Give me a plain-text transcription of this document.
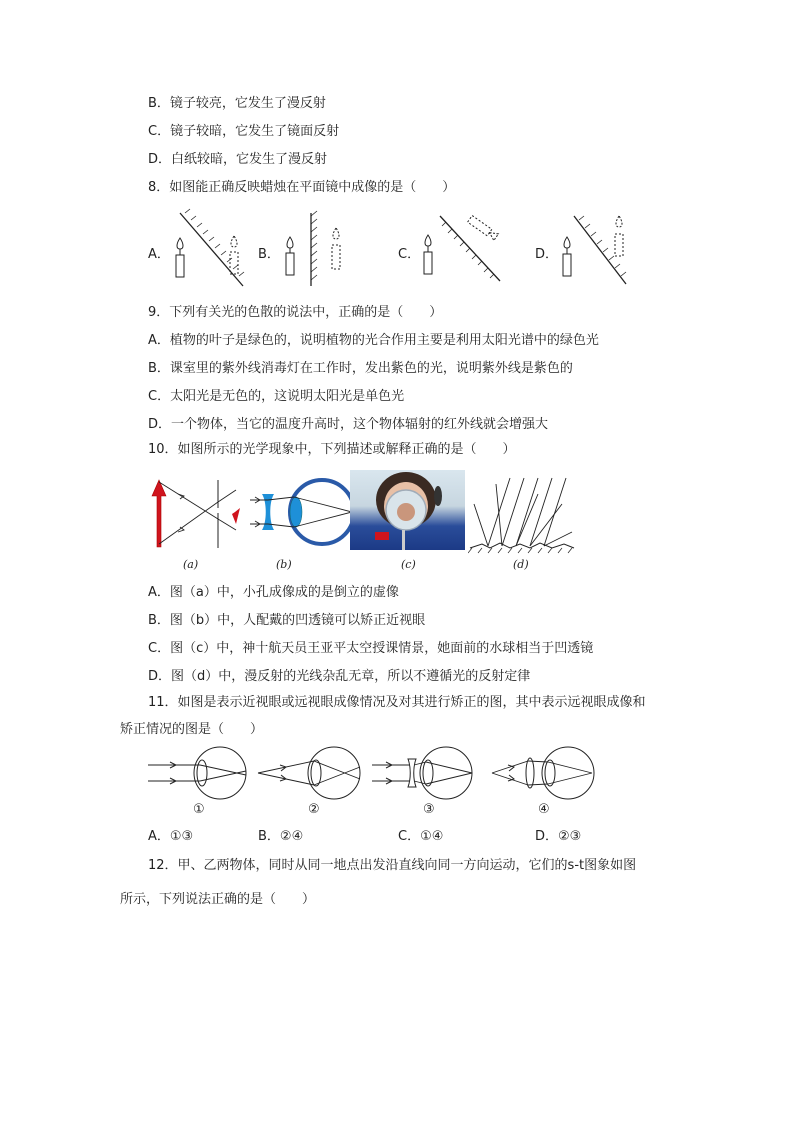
B．镜子较亮，它发生了漫反射
C．镜子较暗，它发生了镜面反射
D．白纸较暗，它发生了漫反射
8．如图能正确反映蜡烛在平面镜中成像的是（　　）
A．	B．	C．	D．
9．下列有关光的色散的说法中，正确的是（　　）
A．植物的叶子是绿色的，说明植物的光合作用主要是利用太阳光谱中的绿色光
B．课室里的紫外线消毒灯在工作时，发出紫色的光，说明紫外线是紫色的
C．太阳光是无色的，这说明太阳光是单色光
D．一个物体，当它的温度升高时，这个物体辐射的红外线就会增强大
10．如图所示的光学现象中，下列描述或解释正确的是（　　）
(a)	(b)	(c)	(d)
A．图（a）中，小孔成像成的是倒立的虚像
B．图（b）中，人配戴的凹透镜可以矫正近视眼
C．图（c）中，神十航天员王亚平太空授课情景，她面前的水球相当于凹透镜
D．图（d）中，漫反射的光线杂乱无章，所以不遵循光的反射定律
11．如图是表示近视眼或远视眼成像情况及对其进行矫正的图，其中表示远视眼成像和
矫正情况的图是（　　）
①	②	③	④
A．①③	B．②④	C．①④	D．②③
12．甲、乙两物体，同时从同一地点出发沿直线向同一方向运动，它们的s-t图象如图
所示，下列说法正确的是（　　）
